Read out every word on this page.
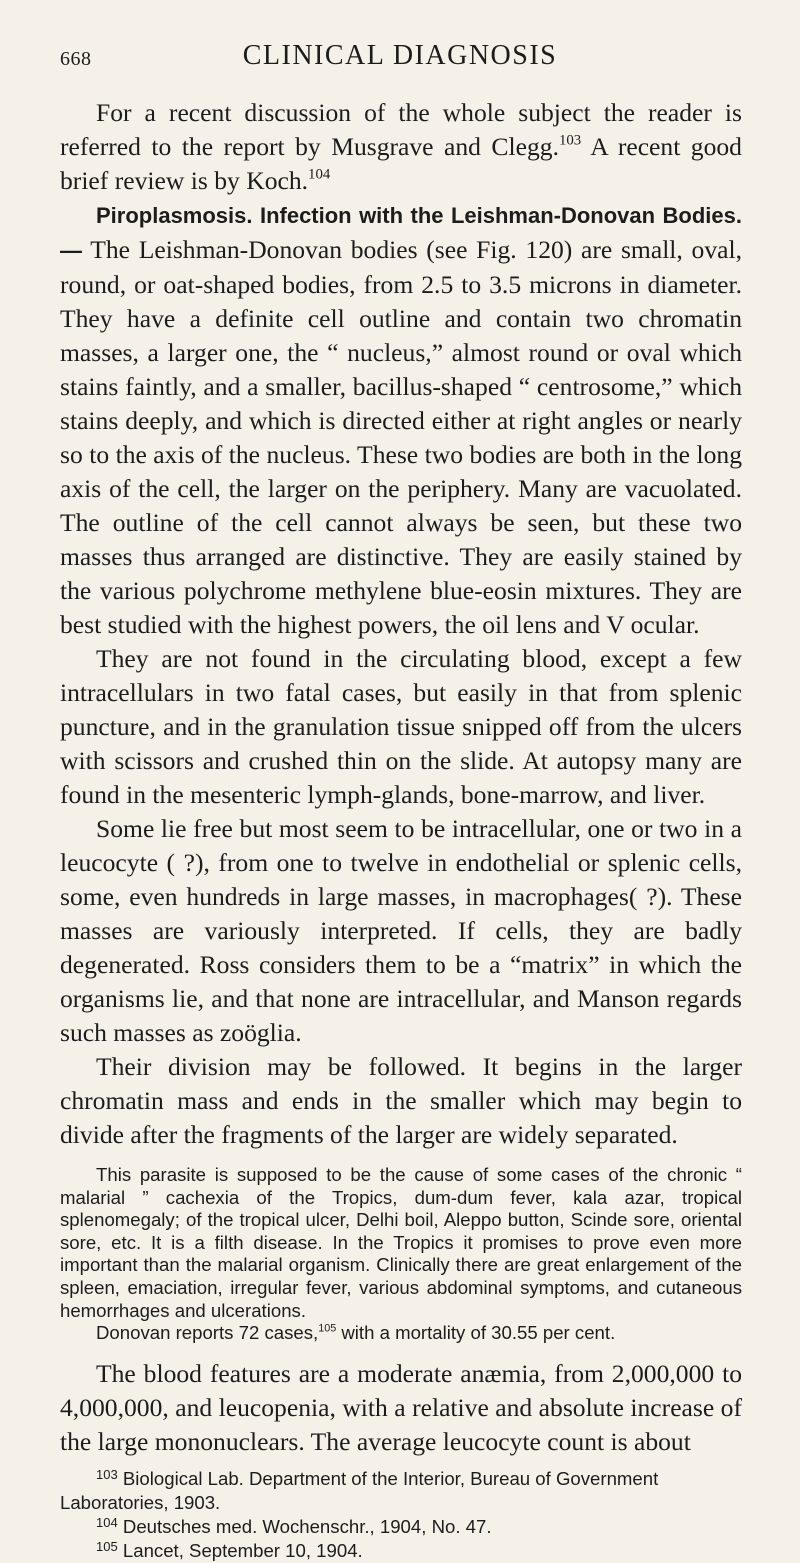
668	CLINICAL DIAGNOSIS

For a recent discussion of the whole subject the reader is referred to the report by Musgrave and Clegg.$^{103}$ A recent good brief review is by Koch.$^{104}$

Piroplasmosis. Infection with the Leishman-Donovan Bodies.— The Leishman-Donovan bodies (see Fig. 120) are small, oval, round, or oat-shaped bodies, from 2.5 to 3.5 microns in diameter. They have a definite cell outline and contain two chromatin masses, a larger one, the “ nucleus,” almost round or oval which stains faintly, and a smaller, bacillus-shaped “ centrosome,” which stains deeply, and which is directed either at right angles or nearly so to the axis of the nucleus. These two bodies are both in the long axis of the cell, the larger on the periphery. Many are vacuolated. The outline of the cell cannot always be seen, but these two masses thus arranged are distinctive. They are easily stained by the various polychrome methylene blue-eosin mixtures. They are best studied with the highest powers, the oil lens and V ocular.

They are not found in the circulating blood, except a few intracellulars in two fatal cases, but easily in that from splenic puncture, and in the granulation tissue snipped off from the ulcers with scissors and crushed thin on the slide. At autopsy many are found in the mesenteric lymph-glands, bone-marrow, and liver.

Some lie free but most seem to be intracellular, one or two in a leucocyte ( ?), from one to twelve in endothelial or splenic cells, some, even hundreds in large masses, in macrophages( ?). These masses are variously interpreted. If cells, they are badly degenerated. Ross considers them to be a “matrix” in which the organisms lie, and that none are intracellular, and Manson regards such masses as zoöglia.

Their division may be followed. It begins in the larger chromatin mass and ends in the smaller which may begin to divide after the fragments of the larger are widely separated.

This parasite is supposed to be the cause of some cases of the chronic “ malarial ” cachexia of the Tropics, dum-dum fever, kala azar, tropical splenomegaly; of the tropical ulcer, Delhi boil, Aleppo button, Scinde sore, oriental sore, etc. It is a filth disease. In the Tropics it promises to prove even more important than the malarial organism. Clinically there are great enlargement of the spleen, emaciation, irregular fever, various abdominal symptoms, and cutaneous hemorrhages and ulcerations.

Donovan reports 72 cases,$^{105}$ with a mortality of 30.55 per cent.

The blood features are a moderate anæmia, from 2,000,000 to 4,000,000, and leucopenia, with a relative and absolute increase of the large mononuclears. The average leucocyte count is about

$^{103}$ Biological Lab. Department of the Interior, Bureau of Government Laboratories, 1903.

$^{104}$ Deutsches med. Wochenschr., 1904, No. 47.

$^{105}$ Lancet, September 10, 1904.
